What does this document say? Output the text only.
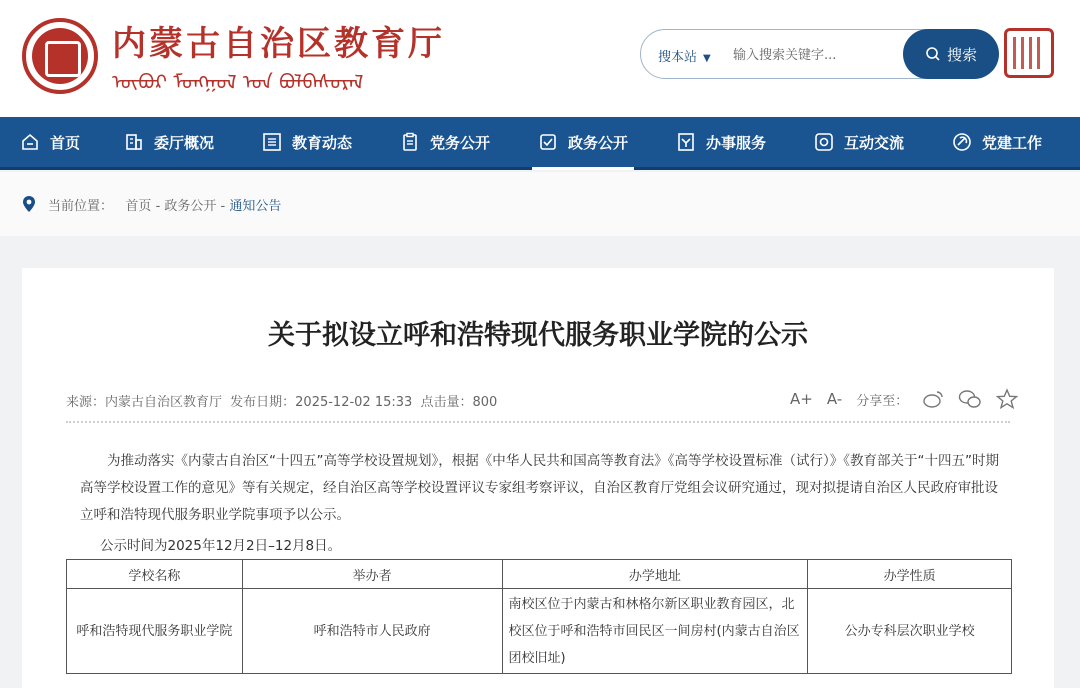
内蒙古自治区教育厅
ᠥᠪᠥᠷ ᠮᠣᠩᠭᠣᠯ ᠤᠨ ᠪᠣᠯᠪᠠᠰᠤᠷᠠᠯ
搜本站 ▼
输入搜索关键字...	搜索
首页	委厅概况	教育动态	党务公开	政务公开	办事服务	互动交流	党建工作
当前位置： 首页 - 政务公开 - 通知公告
关于拟设立呼和浩特现代服务职业学院的公示
来源：内蒙古自治区教育厅 发布日期：2025-12-02 15:33 点击量：800	A+ A- 分享至：

为推动落实《内蒙古自治区“十四五”高等学校设置规划》，根据《中华人民共和国高等教育法》《高等学校设置标准（试行）》《教育部关于“十四五”时期高等学校设置工作的意见》等有关规定，经自治区高等学校设置评议专家组考察评议，自治区教育厅党组会议研究通过，现对拟提请自治区人民政府审批设立呼和浩特现代服务职业学院事项予以公示。

公示时间为2025年12月2日–12月8日。

学校名称	举办者	办学地址	办学性质
呼和浩特现代服务职业学院	呼和浩特市人民政府	南校区位于内蒙古和林格尔新区职业教育园区，北校区位于呼和浩特市回民区一间房村(内蒙古自治区团校旧址)	公办专科层次职业学校
